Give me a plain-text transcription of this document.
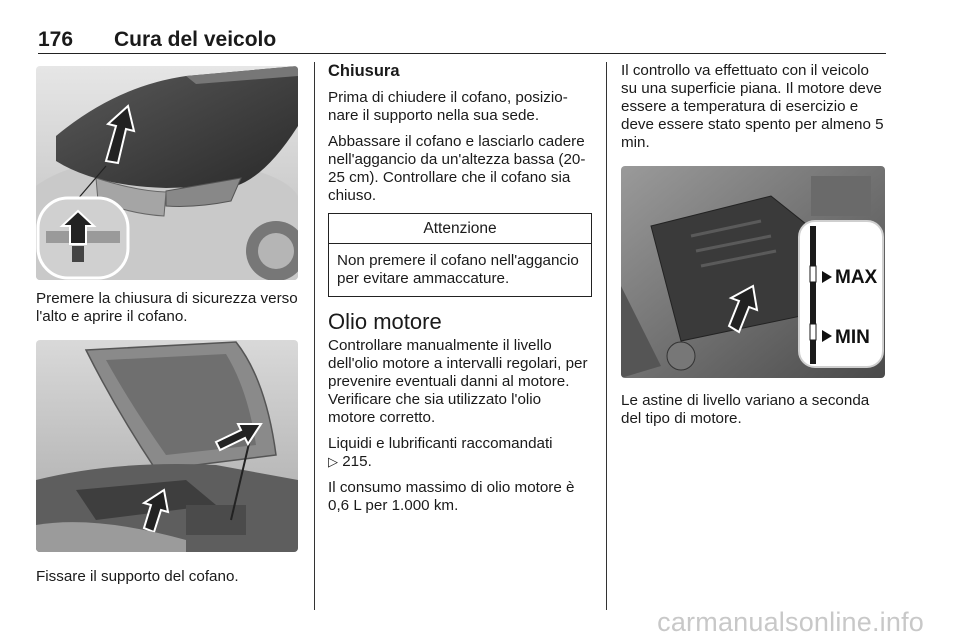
176 Cura del veicolo

Premere la chiusura di sicurezza verso l'alto e aprire il cofano.

Fissare il supporto del cofano.

Chiusura

Prima di chiudere il cofano, posizionare il supporto nella sua sede.

Abbassare il cofano e lasciarlo cadere nell'aggancio da un'altezza bassa (20-25 cm). Controllare che il cofano sia chiuso.

Attenzione
Non premere il cofano nell'aggancio per evitare ammaccature.
Olio motore

Controllare manualmente il livello dell'olio motore a intervalli regolari, per prevenire eventuali danni al motore. Verificare che sia utilizzato l'olio motore corretto.

Liquidi e lubrificanti raccomandati
▷ 215.

Il consumo massimo di olio motore è 0,6 L per 1.000 km.

Il controllo va effettuato con il veicolo su una superficie piana. Il motore deve essere a temperatura di esercizio e deve essere stato spento per almeno 5 min.

MAX
MIN

Le astine di livello variano a seconda del tipo di motore.

carmanualsonline.info
